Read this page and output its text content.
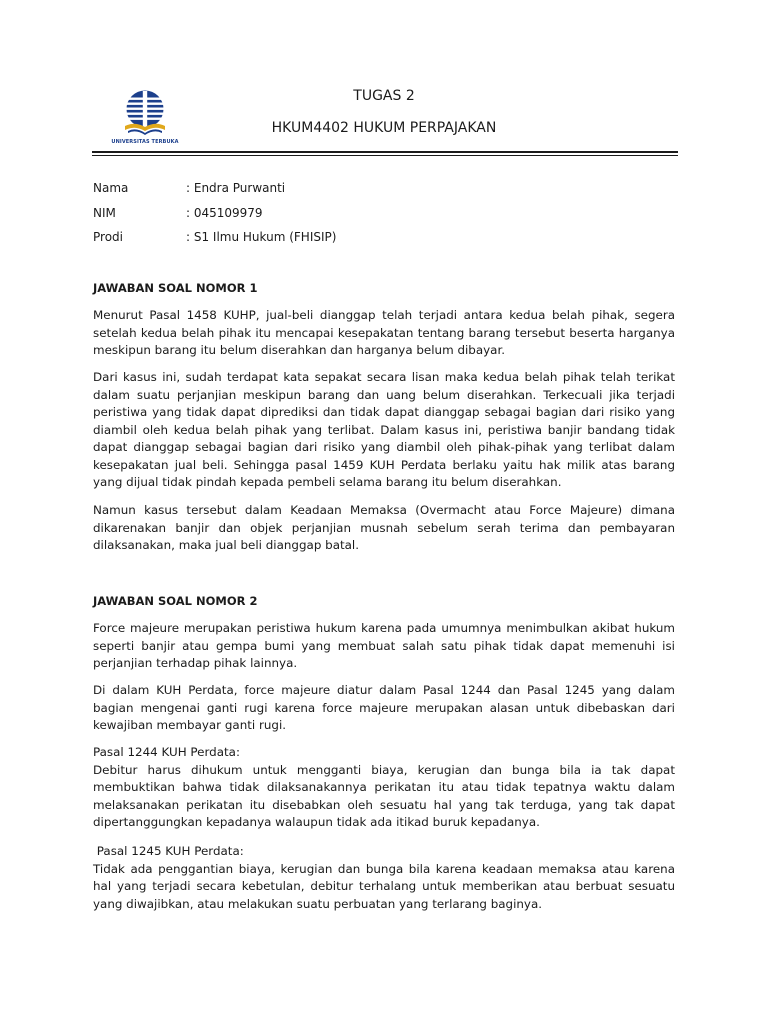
UNIVERSITAS TERBUKA
TUGAS 2
HKUM4402 HUKUM PERPAJAKAN
Nama	: Endra Purwanti
NIM	: 045109979
Prodi	: S1 Ilmu Hukum (FHISIP)
JAWABAN SOAL NOMOR 1

Menurut Pasal 1458 KUHP, jual-beli dianggap telah terjadi antara kedua belah pihak, segera setelah kedua belah pihak itu mencapai kesepakatan tentang barang tersebut beserta harganya meskipun barang itu belum diserahkan dan harganya belum dibayar.

Dari kasus ini, sudah terdapat kata sepakat secara lisan maka kedua belah pihak telah terikat dalam suatu perjanjian meskipun barang dan uang belum diserahkan. Terkecuali jika terjadi peristiwa yang tidak dapat diprediksi dan tidak dapat dianggap sebagai bagian dari risiko yang diambil oleh kedua belah pihak yang terlibat. Dalam kasus ini, peristiwa banjir bandang tidak dapat dianggap sebagai bagian dari risiko yang diambil oleh pihak-pihak yang terlibat dalam kesepakatan jual beli. Sehingga pasal 1459 KUH Perdata berlaku yaitu hak milik atas barang yang dijual tidak pindah kepada pembeli selama barang itu belum diserahkan.

Namun kasus tersebut dalam Keadaan Memaksa (Overmacht atau Force Majeure) dimana dikarenakan banjir dan objek perjanjian musnah sebelum serah terima dan pembayaran dilaksanakan, maka jual beli dianggap batal.

JAWABAN SOAL NOMOR 2

Force majeure merupakan peristiwa hukum karena pada umumnya menimbulkan akibat hukum seperti banjir atau gempa bumi yang membuat salah satu pihak tidak dapat memenuhi isi perjanjian terhadap pihak lainnya.

Di dalam KUH Perdata, force majeure diatur dalam Pasal 1244 dan Pasal 1245 yang dalam bagian mengenai ganti rugi karena force majeure merupakan alasan untuk dibebaskan dari kewajiban membayar ganti rugi.

Pasal 1244 KUH Perdata:
Debitur harus dihukum untuk mengganti biaya, kerugian dan bunga bila ia tak dapat membuktikan bahwa tidak dilaksanakannya perikatan itu atau tidak tepatnya waktu dalam melaksanakan perikatan itu disebabkan oleh sesuatu hal yang tak terduga, yang tak dapat dipertanggungkan kepadanya walaupun tidak ada itikad buruk kepadanya.
Pasal 1245 KUH Perdata:
Tidak ada penggantian biaya, kerugian dan bunga bila karena keadaan memaksa atau karena hal yang terjadi secara kebetulan, debitur terhalang untuk memberikan atau berbuat sesuatu yang diwajibkan, atau melakukan suatu perbuatan yang terlarang baginya.
